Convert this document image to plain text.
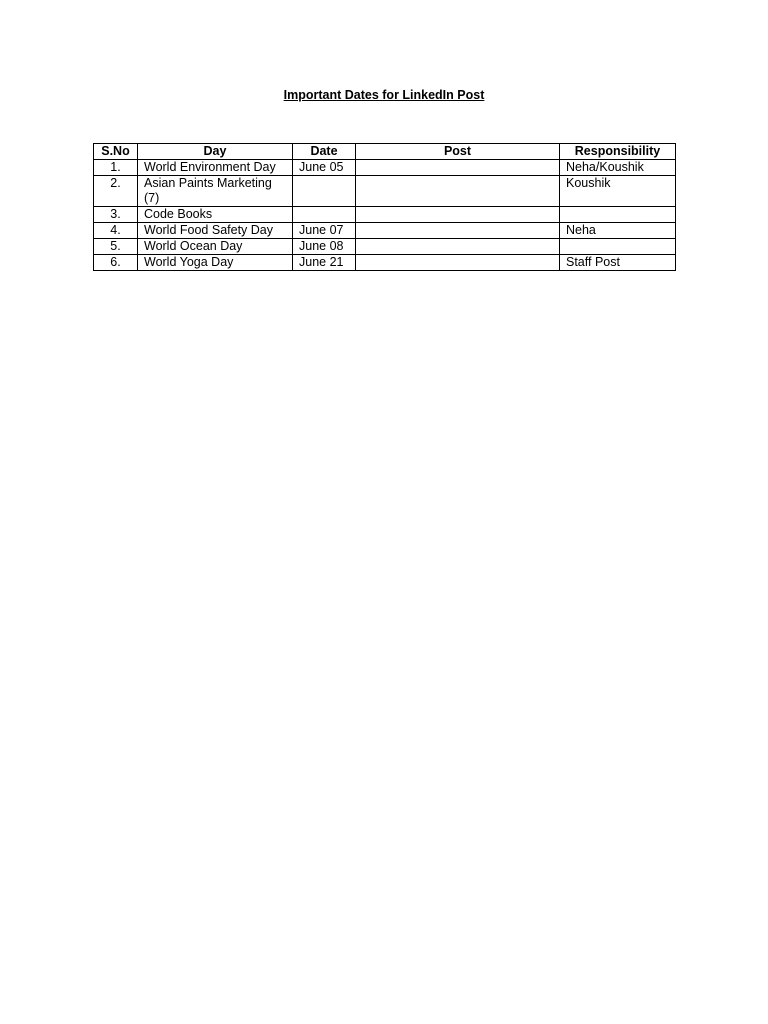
Important Dates for LinkedIn Post
S.No	Day	Date	Post	Responsibility
1.	World Environment Day	June 05		Neha/Koushik
2.	Asian Paints Marketing (7)			Koushik
3.	Code Books			
4.	World Food Safety Day	June 07		Neha
5.	World Ocean Day	June 08		
6.	World Yoga Day	June 21		Staff Post
